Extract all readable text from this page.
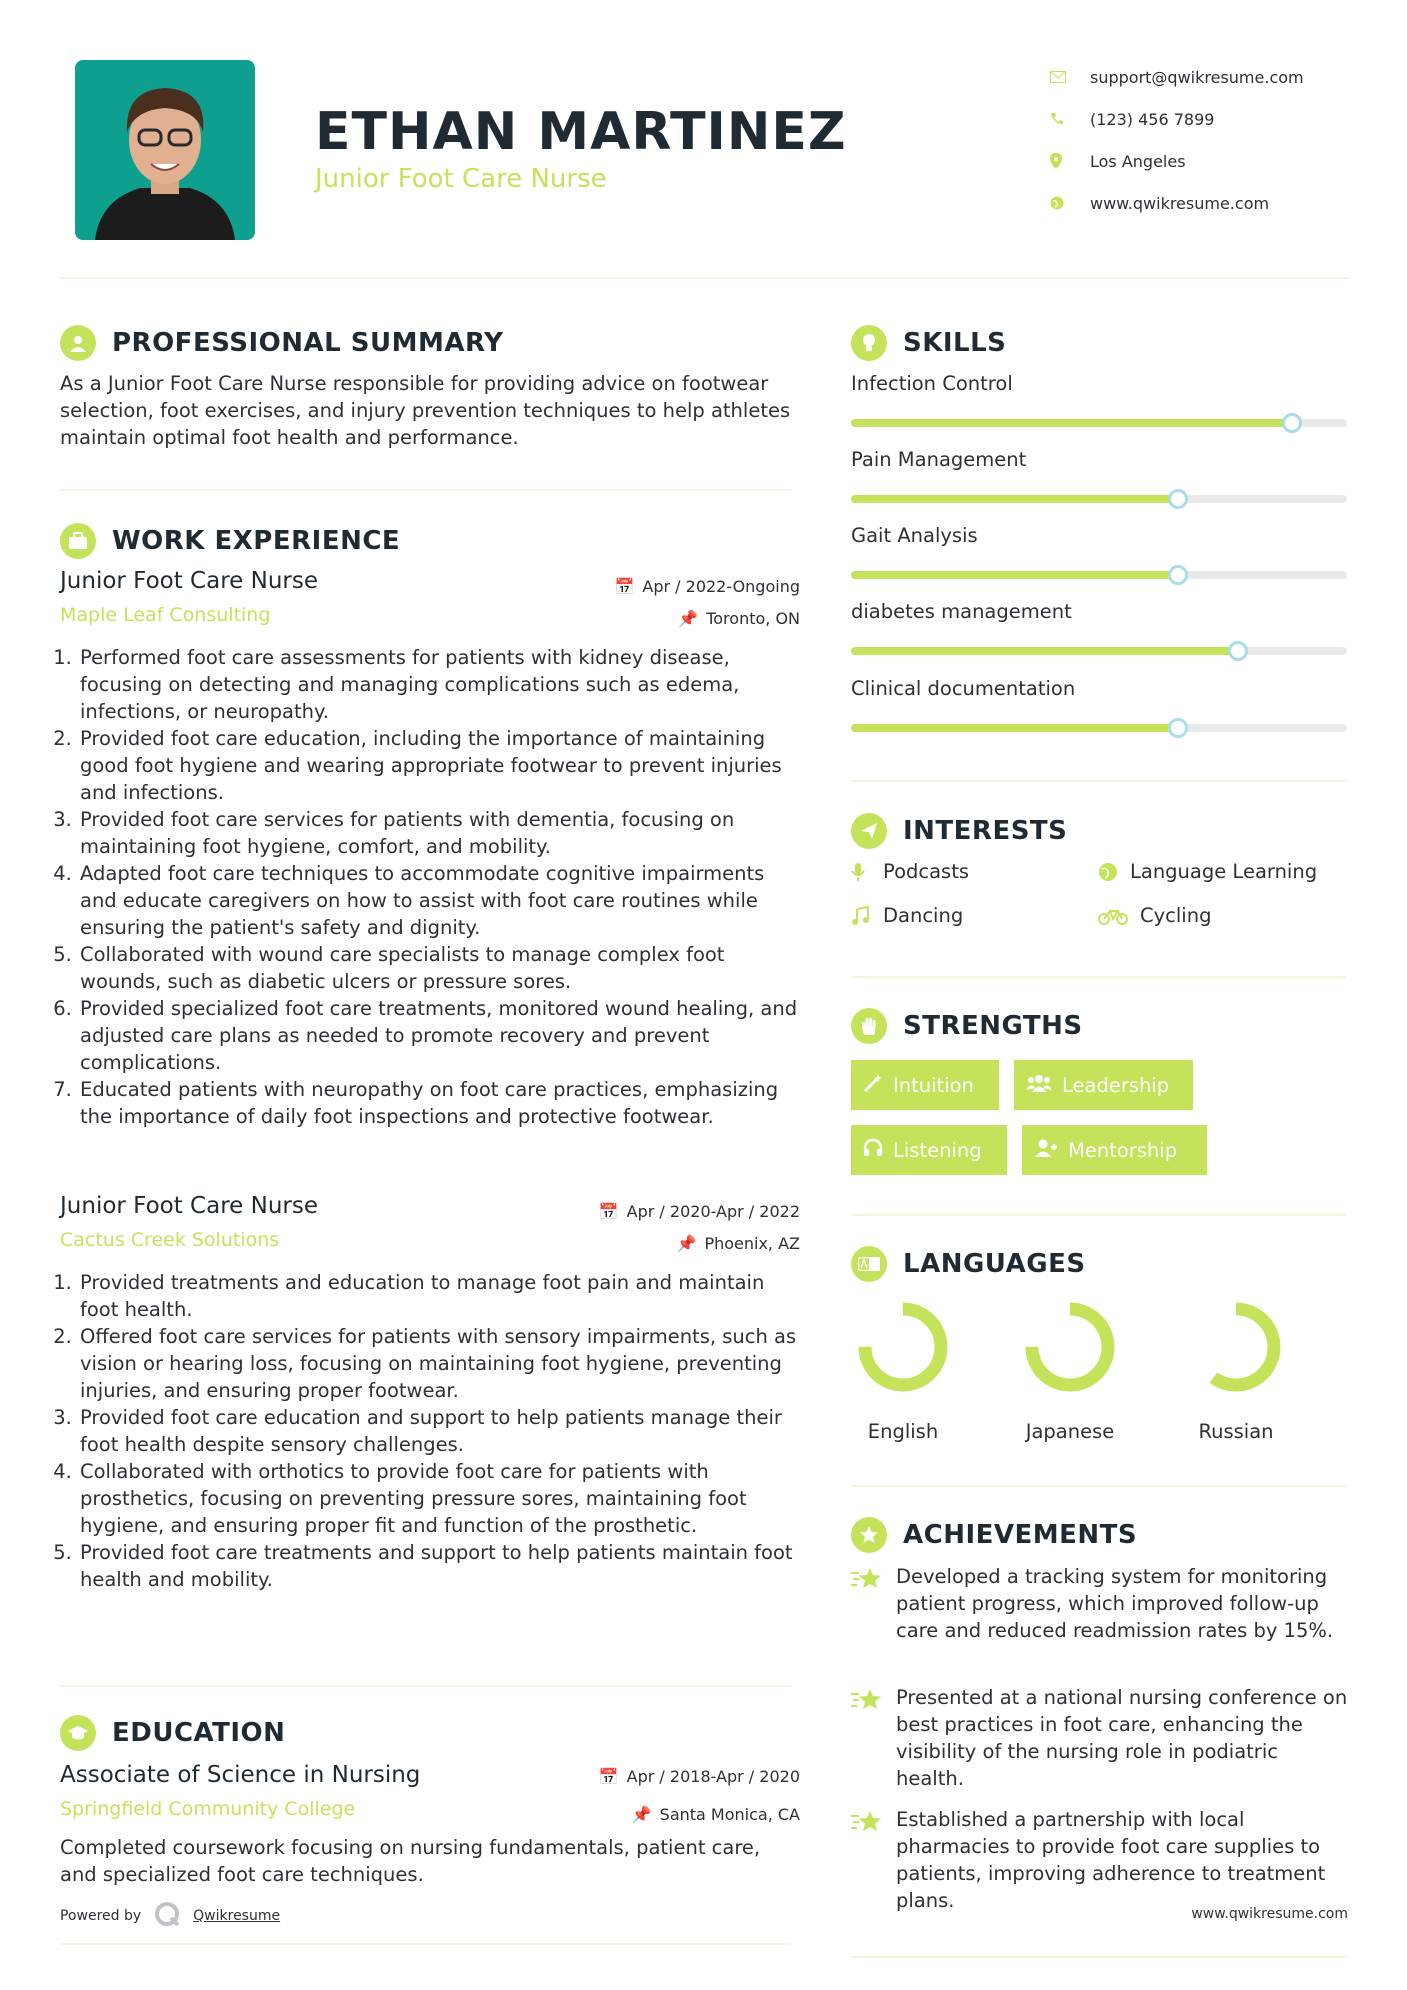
ETHAN MARTINEZ
Junior Foot Care Nurse
support@qwikresume.com
(123) 456 7899
Los Angeles
www.qwikresume.com
PROFESSIONAL SUMMARY
As a Junior Foot Care Nurse responsible for providing advice on footwear selection, foot exercises, and injury prevention techniques to help athletes maintain optimal foot health and performance.
WORK EXPERIENCE
Junior Foot Care Nurse
Maple Leaf Consulting
📅 Apr / 2022-Ongoing
📌 Toronto, ON
1. Performed foot care assessments for patients with kidney disease, focusing on detecting and managing complications such as edema, infections, or neuropathy.
2. Provided foot care education, including the importance of maintaining good foot hygiene and wearing appropriate footwear to prevent injuries and infections.
3. Provided foot care services for patients with dementia, focusing on maintaining foot hygiene, comfort, and mobility.
4. Adapted foot care techniques to accommodate cognitive impairments and educate caregivers on how to assist with foot care routines while ensuring the patient's safety and dignity.
5. Collaborated with wound care specialists to manage complex foot wounds, such as diabetic ulcers or pressure sores.
6. Provided specialized foot care treatments, monitored wound healing, and adjusted care plans as needed to promote recovery and prevent complications.
7. Educated patients with neuropathy on foot care practices, emphasizing the importance of daily foot inspections and protective footwear.
Junior Foot Care Nurse
Cactus Creek Solutions
📅 Apr / 2020-Apr / 2022
📌 Phoenix, AZ
1. Provided treatments and education to manage foot pain and maintain foot health.
2. Offered foot care services for patients with sensory impairments, such as vision or hearing loss, focusing on maintaining foot hygiene, preventing injuries, and ensuring proper footwear.
3. Provided foot care education and support to help patients manage their foot health despite sensory challenges.
4. Collaborated with orthotics to provide foot care for patients with prosthetics, focusing on preventing pressure sores, maintaining foot hygiene, and ensuring proper fit and function of the prosthetic.
5. Provided foot care treatments and support to help patients maintain foot health and mobility.
EDUCATION
Associate of Science in Nursing
Springfield Community College
📅 Apr / 2018-Apr / 2020
📌 Santa Monica, CA
Completed coursework focusing on nursing fundamentals, patient care, and specialized foot care techniques.
Powered by	Qwikresume
SKILLS
Infection Control
Pain Management
Gait Analysis
diabetes management
Clinical documentation
INTERESTS
Podcasts	Language Learning
Dancing	Cycling
STRENGTHS
Intuition	Leadership
Listening	Mentorship
LANGUAGES
English	Japanese	Russian
ACHIEVEMENTS
Developed a tracking system for monitoring patient progress, which improved follow-up care and reduced readmission rates by 15%.
Presented at a national nursing conference on best practices in foot care, enhancing the visibility of the nursing role in podiatric health.
Established a partnership with local pharmacies to provide foot care supplies to patients, improving adherence to treatment plans.
www.qwikresume.com
